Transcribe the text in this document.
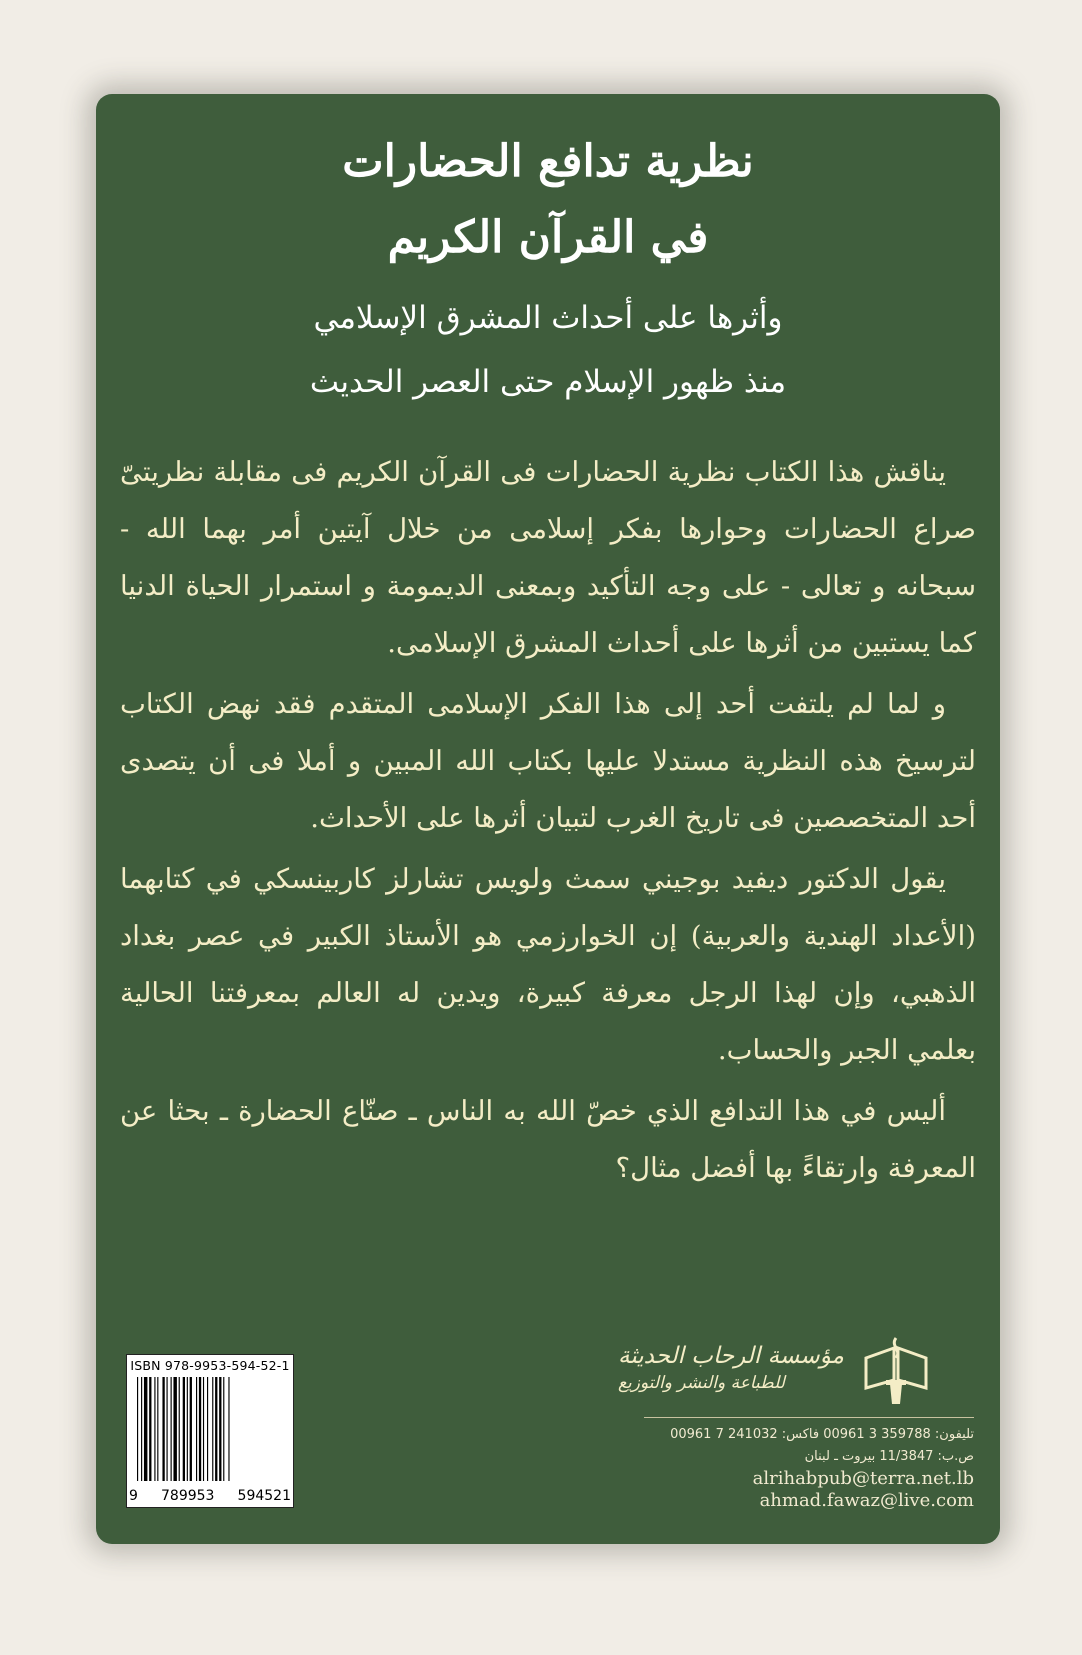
نظرية تدافع الحضارات
في القرآن الكريم
وأثرها على أحداث المشرق الإسلامي
منذ ظهور الإسلام حتى العصر الحديث

يناقش هذا الكتاب نظرية الحضارات فى القرآن الكريم فى مقابلة نظريتىّ صراع الحضارات وحوارها بفكر إسلامى من خلال آيتين أمر بهما الله - سبحانه و تعالى - على وجه التأكيد وبمعنى الديمومة و استمرار الحياة الدنيا كما يستبين من أثرها على أحداث المشرق الإسلامى.

و لما لم يلتفت أحد إلى هذا الفكر الإسلامى المتقدم فقد نهض الكتاب لترسيخ هذه النظرية مستدلا عليها بكتاب الله المبين و أملا فى أن يتصدى أحد المتخصصين فى تاريخ الغرب لتبيان أثرها على الأحداث.

يقول الدكتور ديفيد بوجيني سمث ولويس تشارلز كاربينسكي في كتابهما (الأعداد الهندية والعربية) إن الخوارزمي هو الأستاذ الكبير في عصر بغداد الذهبي، وإن لهذا الرجل معرفة كبيرة، ويدين له العالم بمعرفتنا الحالية بعلمي الجبر والحساب.

أليس في هذا التدافع الذي خصّ الله به الناس ـ صنّاع الحضارة ـ بحثا عن المعرفة وارتقاءً بها أفضل مثال؟

ISBN 978-9953-594-52-1
9 789953 594521
مؤسسة الرحاب الحديثة
للطباعة والنشر والتوزيع
تليفون: 359788 3 00961 فاكس: 241032 7 00961
ص.ب: 11/3847 بيروت ـ لبنان
alrihabpub@terra.net.lb
ahmad.fawaz@live.com
